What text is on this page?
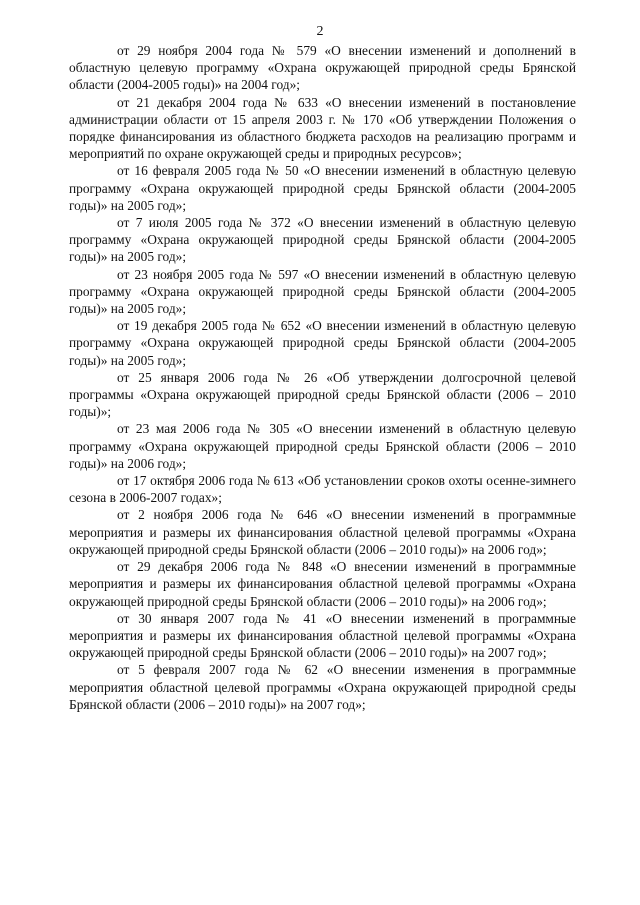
2

от 29 ноября 2004 года № 579 «О внесении изменений и дополнений в областную целевую программу «Охрана окружающей природной среды Брянской области (2004-2005 годы)» на 2004 год»;

от 21 декабря 2004 года № 633 «О внесении изменений в постановление администрации области от 15 апреля 2003 г. № 170 «Об утверждении Положения о порядке финансирования из областного бюджета расходов на реализацию программ и мероприятий по охране окружающей среды и природных ресурсов»;

от 16 февраля 2005 года № 50 «О внесении изменений в областную целевую программу «Охрана окружающей природной среды Брянской области (2004-2005 годы)» на 2005 год»;

от 7 июля 2005 года № 372 «О внесении изменений в областную целевую программу «Охрана окружающей природной среды Брянской области (2004-2005 годы)» на 2005 год»;

от 23 ноября 2005 года № 597 «О внесении изменений в областную целевую программу «Охрана окружающей природной среды Брянской области (2004-2005 годы)» на 2005 год»;

от 19 декабря 2005 года № 652 «О внесении изменений в областную целевую программу «Охрана окружающей природной среды Брянской области (2004-2005 годы)» на 2005 год»;

от 25 января 2006 года № 26 «Об утверждении долгосрочной целевой программы «Охрана окружающей природной среды Брянской области (2006 – 2010 годы)»;

от 23 мая 2006 года № 305 «О внесении изменений в областную целевую программу «Охрана окружающей природной среды Брянской области (2006 – 2010 годы)» на 2006 год»;

от 17 октября 2006 года № 613 «Об установлении сроков охоты осенне-зимнего сезона в 2006-2007 годах»;

от 2 ноября 2006 года № 646 «О внесении изменений в программные мероприятия и размеры их финансирования областной целевой программы «Охрана окружающей природной среды Брянской области (2006 – 2010 годы)» на 2006 год»;

от 29 декабря 2006 года № 848 «О внесении изменений в программные мероприятия и размеры их финансирования областной целевой программы «Охрана окружающей природной среды Брянской области (2006 – 2010 годы)» на 2006 год»;

от 30 января 2007 года № 41 «О внесении изменений в программные мероприятия и размеры их финансирования областной целевой программы «Охрана окружающей природной среды Брянской области (2006 – 2010 годы)» на 2007 год»;

от 5 февраля 2007 года № 62 «О внесении изменения в программные мероприятия областной целевой программы «Охрана окружающей природной среды Брянской области (2006 – 2010 годы)» на 2007 год»;
